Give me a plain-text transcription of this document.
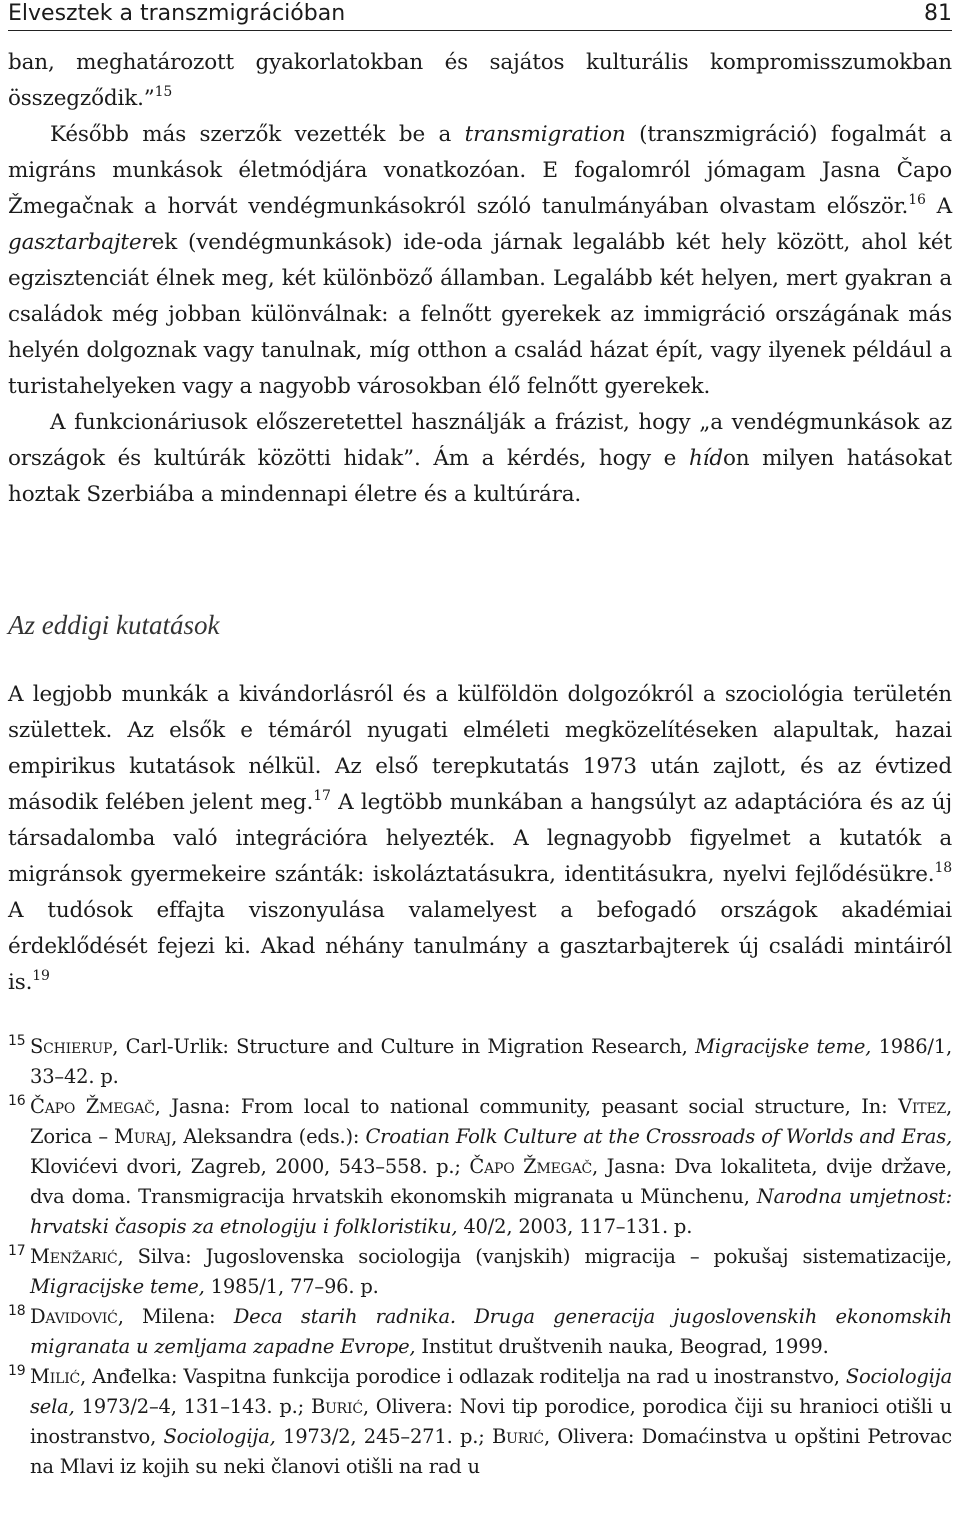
Elvesztek a transzmigrációban	81

ban, meghatározott gyakorlatokban és sajátos kulturális kompromisszumokban összegződik.”$^{15}$

Később más szerzők vezették be a transmigration (transzmigráció) fogalmát a migráns munkások életmódjára vonatkozóan. E fogalomról jómagam Jasna Čapo Žmegačnak a horvát vendégmunkásokról szóló tanulmányában olvastam először.$^{16}$ A gasztarbajterek (vendégmunkások) ide-oda járnak legalább két hely között, ahol két egzisztenciát élnek meg, két különböző államban. Legalább két helyen, mert gyakran a családok még jobban különválnak: a felnőtt gyerekek az immigráció országának más helyén dolgoznak vagy tanulnak, míg otthon a család házat épít, vagy ilyenek például a turistahelyeken vagy a nagyobb városokban élő felnőtt gyerekek.

A funkcionáriusok előszeretettel használják a frázist, hogy „a vendégmunkások az országok és kultúrák közötti hidak”. Ám a kérdés, hogy e hídon milyen hatásokat hoztak Szerbiába a mindennapi életre és a kultúrára.

Az eddigi kutatások

A legjobb munkák a kivándorlásról és a külföldön dolgozókról a szociológia területén születtek. Az elsők e témáról nyugati elméleti megközelítéseken alapultak, hazai empirikus kutatások nélkül. Az első terepkutatás 1973 után zajlott, és az évtized második felében jelent meg.$^{17}$ A legtöbb munkában a hangsúlyt az adaptációra és az új társadalomba való integrációra helyezték. A legnagyobb figyelmet a kutatók a migránsok gyermekeire szánták: iskoláztatásukra, identitásukra, nyelvi fejlődésükre.$^{18}$ A tudósok effajta viszonyulása valamelyest a befogadó országok akadémiai érdeklődését fejezi ki. Akad néhány tanulmány a gasztarbajterek új családi mintáiról is.$^{19}$

15 Schierup, Carl-Urlik: Structure and Culture in Migration Research, Migracijske teme, 1986/1, 33–42. p.
16 Čapo Žmegač, Jasna: From local to national community, peasant social structure, In: Vitez, Zorica – Muraj, Aleksandra (eds.): Croatian Folk Culture at the Crossroads of Worlds and Eras, Klovićevi dvori, Zagreb, 2000, 543–558. p.; Čapo Žmegač, Jasna: Dva lokaliteta, dvije države, dva doma. Transmigracija hrvatskih ekonomskih migranata u Münchenu, Narodna umjetnost: hrvatski časopis za etnologiju i folkloristiku, 40/2, 2003, 117–131. p.
17 Menžarić, Silva: Jugoslovenska sociologija (vanjskih) migracija – pokušaj sistematizacije, Migracijske teme, 1985/1, 77–96. p.
18 Davidović, Milena: Deca starih radnika. Druga generacija jugoslovenskih ekonomskih migranata u zemljama zapadne Evrope, Institut društvenih nauka, Beograd, 1999.
19 Milić, Anđelka: Vaspitna funkcija porodice i odlazak roditelja na rad u inostranstvo, Sociologija sela, 1973/2–4, 131–143. p.; Burić, Olivera: Novi tip porodice, porodica čiji su hranioci otišli u inostranstvo, Sociologija, 1973/2, 245–271. p.; Burić, Olivera: Domaćinstva u opštini Petrovac na Mlavi iz kojih su neki članovi otišli na rad u
